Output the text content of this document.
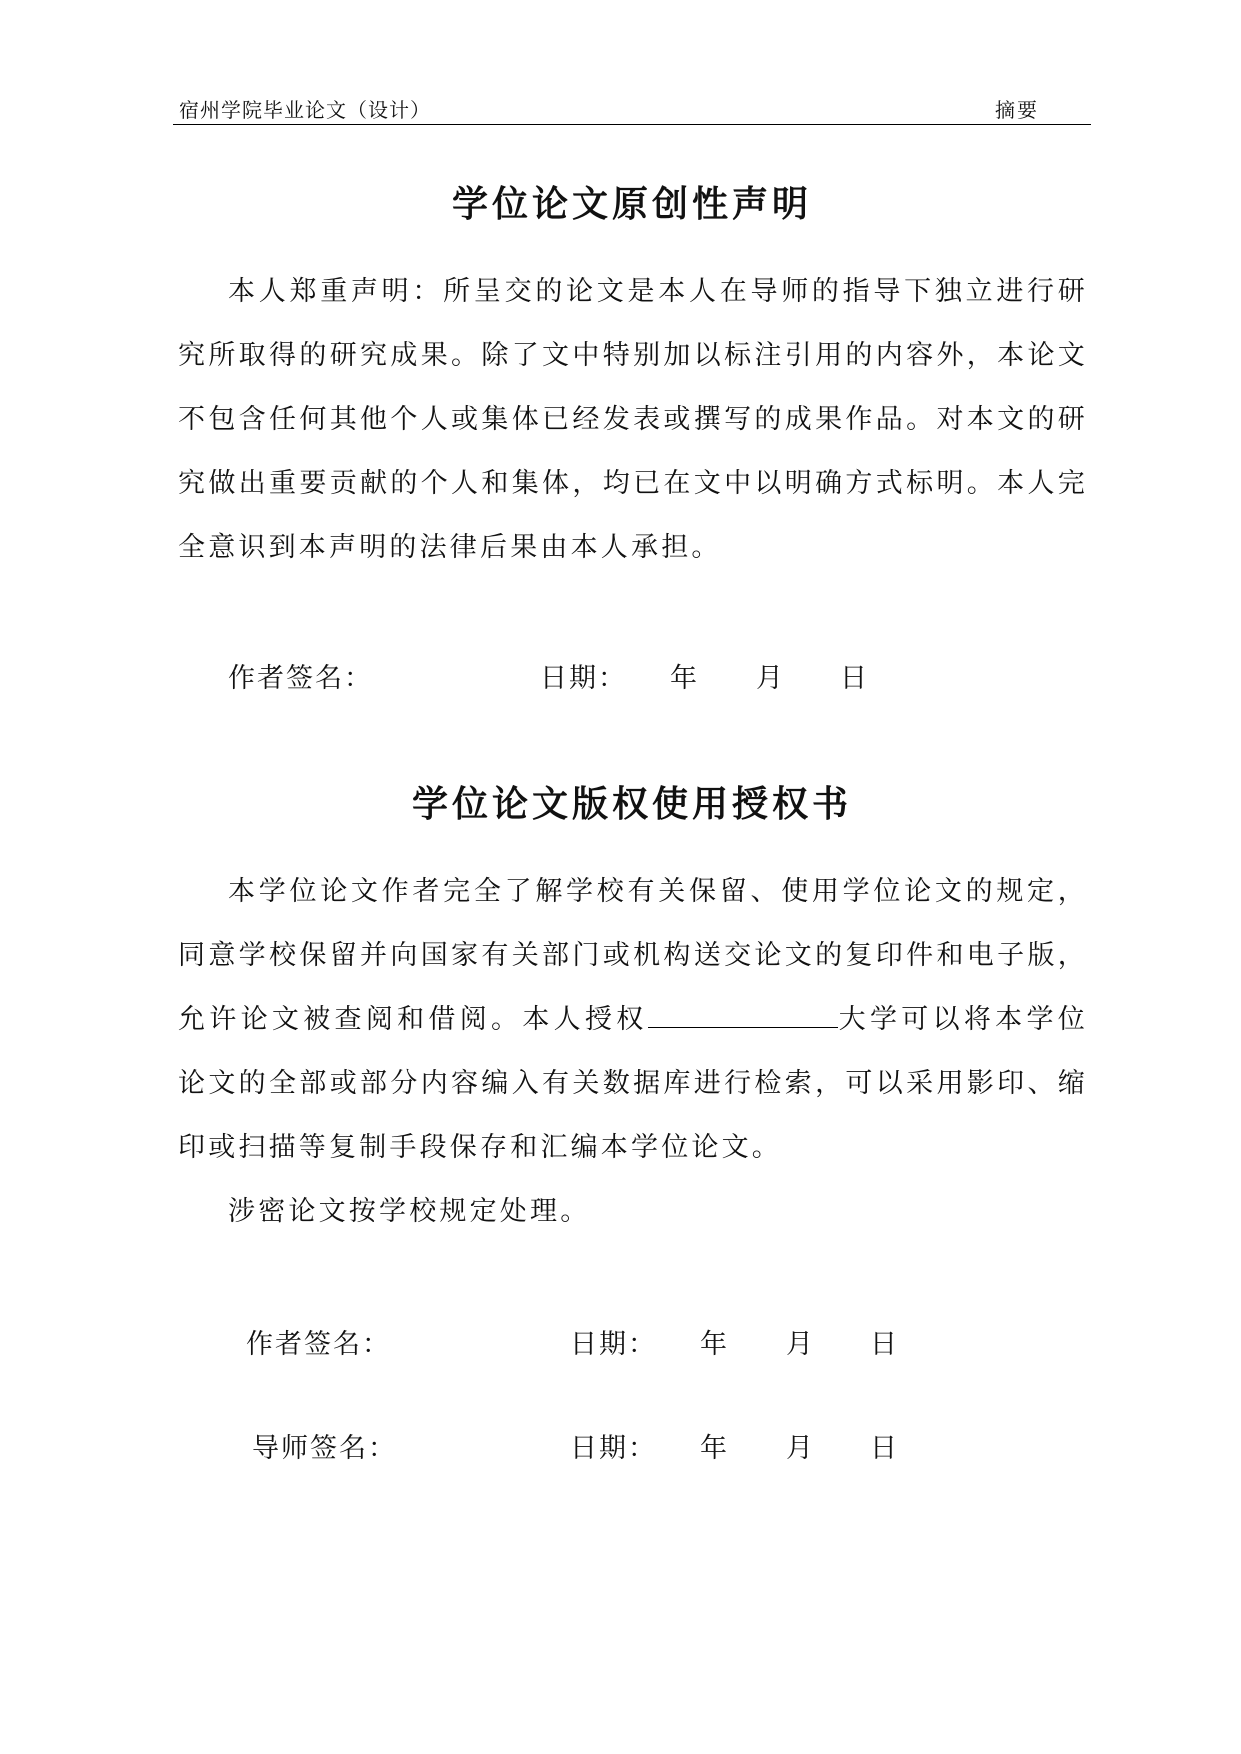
宿州学院毕业论文（设计）	摘要
学位论文原创性声明

本人郑重声明：所呈交的论文是本人在导师的指导下独立进行研究所取得的研究成果。除了文中特别加以标注引用的内容外，本论文不包含任何其他个人或集体已经发表或撰写的成果作品。对本文的研究做出重要贡献的个人和集体，均已在文中以明确方式标明。本人完全意识到本声明的法律后果由本人承担。

作者签名：	日期： 年 月 日
学位论文版权使用授权书

本学位论文作者完全了解学校有关保留、使用学位论文的规定，同意学校保留并向国家有关部门或机构送交论文的复印件和电子版，允许论文被查阅和借阅。本人授权	大学可以将本学位论文的全部或部分内容编入有关数据库进行检索，可以采用影印、缩印或扫描等复制手段保存和汇编本学位论文。

涉密论文按学校规定处理。

作者签名：	日期： 年 月 日
导师签名：	日期： 年 月 日
